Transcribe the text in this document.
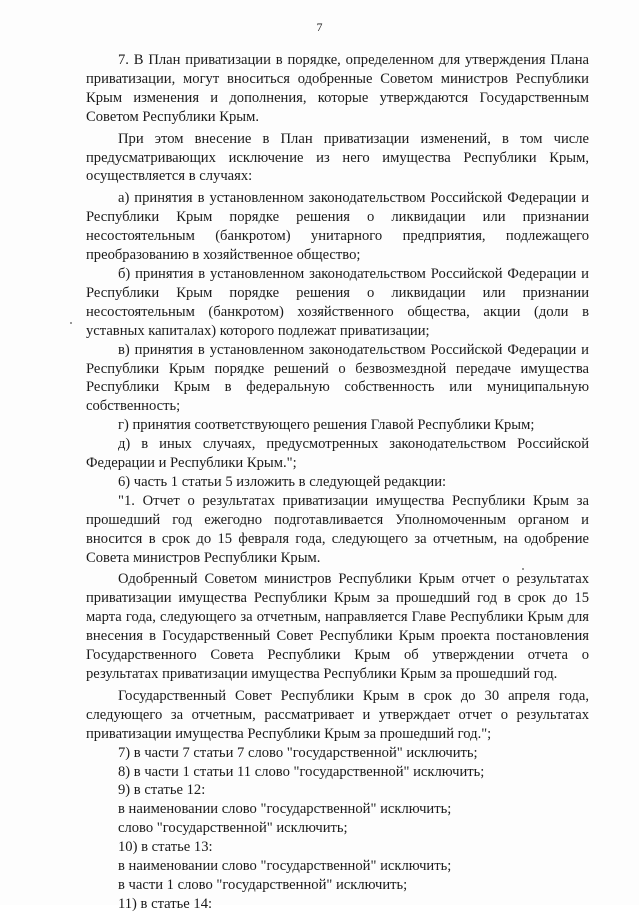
7

7. В План приватизации в порядке, определенном для утверждения Плана приватизации, могут вноситься одобренные Советом министров Республики Крым изменения и дополнения, которые утверждаются Государственным Советом Республики Крым.

При этом внесение в План приватизации изменений, в том числе предусматривающих исключение из него имущества Республики Крым, осуществляется в случаях:

а) принятия в установленном законодательством Российской Федерации и Республики Крым порядке решения о ликвидации или признании несостоятельным (банкротом) унитарного предприятия, подлежащего преобразованию в хозяйственное общество;

б) принятия в установленном законодательством Российской Федерации и Республики Крым порядке решения о ликвидации или признании несостоятельным (банкротом) хозяйственного общества, акции (доли в уставных капиталах) которого подлежат приватизации;

в) принятия в установленном законодательством Российской Федерации и Республики Крым порядке решений о безвозмездной передаче имущества Республики Крым в федеральную собственность или муниципальную собственность;

г) принятия соответствующего решения Главой Республики Крым;

д) в иных случаях, предусмотренных законодательством Российской Федерации и Республики Крым.";

6) часть 1 статьи 5 изложить в следующей редакции:

"1. Отчет о результатах приватизации имущества Республики Крым за прошедший год ежегодно подготавливается Уполномоченным органом и вносится в срок до 15 февраля года, следующего за отчетным, на одобрение Совета министров Республики Крым.

Одобренный Советом министров Республики Крым отчет о результатах приватизации имущества Республики Крым за прошедший год в срок до 15 марта года, следующего за отчетным, направляется Главе Республики Крым для внесения в Государственный Совет Республики Крым проекта постановления Государственного Совета Республики Крым об утверждении отчета о результатах приватизации имущества Республики Крым за прошедший год.

Государственный Совет Республики Крым в срок до 30 апреля года, следующего за отчетным, рассматривает и утверждает отчет о результатах приватизации имущества Республики Крым за прошедший год.";

7) в части 7 статьи 7 слово "государственной" исключить;

8) в части 1 статьи 11 слово "государственной" исключить;

9) в статье 12:

в наименовании слово "государственной" исключить;

слово "государственной" исключить;

10) в статье 13:

в наименовании слово "государственной" исключить;

в части 1 слово "государственной" исключить;

11) в статье 14:
